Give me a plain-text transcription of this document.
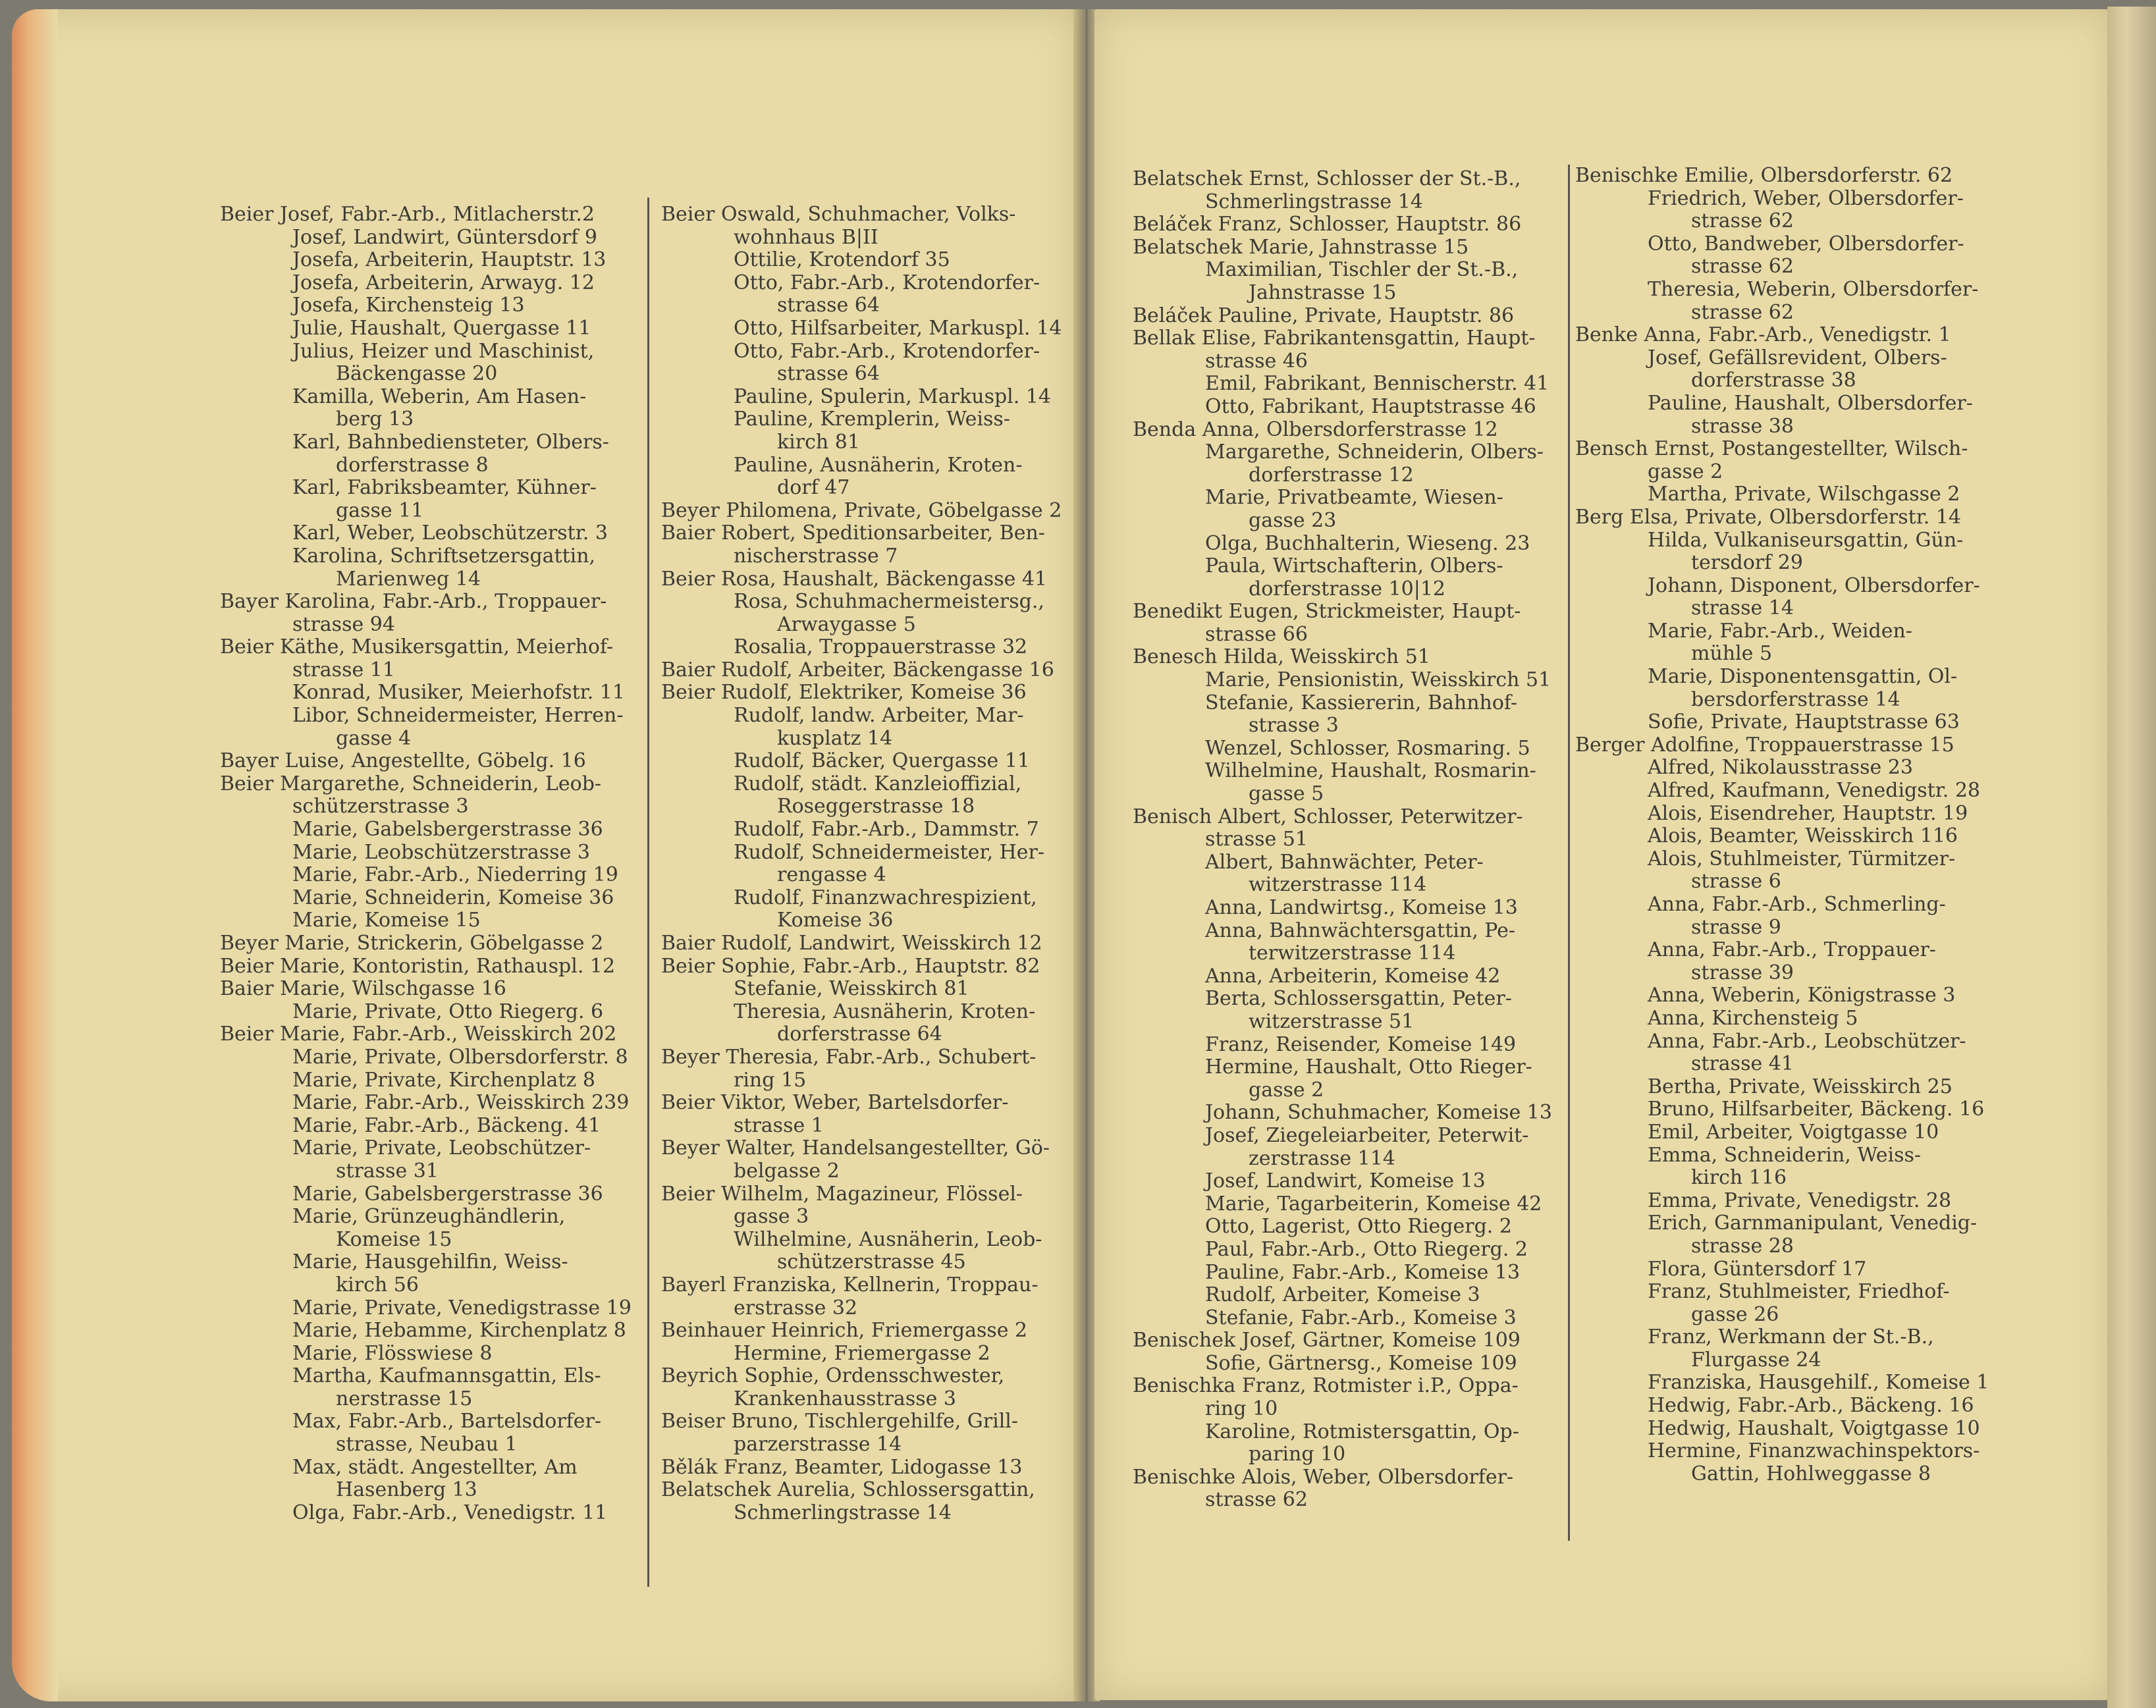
Beier Josef, Fabr.-Arb., Mitlacherstr.2
Josef, Landwirt, Güntersdorf 9
Josefa, Arbeiterin, Hauptstr. 13
Josefa, Arbeiterin, Arwayg. 12
Josefa, Kirchensteig 13
Julie, Haushalt, Quergasse 11
Julius, Heizer und Maschinist,
Bäckengasse 20
Kamilla, Weberin, Am Hasen-
berg 13
Karl, Bahnbediensteter, Olbers-
dorferstrasse 8
Karl, Fabriksbeamter, Kühner-
gasse 11
Karl, Weber, Leobschützerstr. 3
Karolina, Schriftsetzersgattin,
Marienweg 14
Bayer Karolina, Fabr.-Arb., Troppauer-
strasse 94
Beier Käthe, Musikersgattin, Meierhof-
strasse 11
Konrad, Musiker, Meierhofstr. 11
Libor, Schneidermeister, Herren-
gasse 4
Bayer Luise, Angestellte, Göbelg. 16
Beier Margarethe, Schneiderin, Leob-
schützerstrasse 3
Marie, Gabelsbergerstrasse 36
Marie, Leobschützerstrasse 3
Marie, Fabr.-Arb., Niederring 19
Marie, Schneiderin, Komeise 36
Marie, Komeise 15
Beyer Marie, Strickerin, Göbelgasse 2
Beier Marie, Kontoristin, Rathauspl. 12
Baier Marie, Wilschgasse 16
Marie, Private, Otto Riegerg. 6
Beier Marie, Fabr.-Arb., Weisskirch 202
Marie, Private, Olbersdorferstr. 8
Marie, Private, Kirchenplatz 8
Marie, Fabr.-Arb., Weisskirch 239
Marie, Fabr.-Arb., Bäckeng. 41
Marie, Private, Leobschützer-
strasse 31
Marie, Gabelsbergerstrasse 36
Marie, Grünzeughändlerin,
Komeise 15
Marie, Hausgehilfin, Weiss-
kirch 56
Marie, Private, Venedigstrasse 19
Marie, Hebamme, Kirchenplatz 8
Marie, Flösswiese 8
Martha, Kaufmannsgattin, Els-
nerstrasse 15
Max, Fabr.-Arb., Bartelsdorfer-
strasse, Neubau 1
Max, städt. Angestellter, Am
Hasenberg 13
Olga, Fabr.-Arb., Venedigstr. 11
Beier Oswald, Schuhmacher, Volks-
wohnhaus B|II
Ottilie, Krotendorf 35
Otto, Fabr.-Arb., Krotendorfer-
strasse 64
Otto, Hilfsarbeiter, Markuspl. 14
Otto, Fabr.-Arb., Krotendorfer-
strasse 64
Pauline, Spulerin, Markuspl. 14
Pauline, Kremplerin, Weiss-
kirch 81
Pauline, Ausnäherin, Kroten-
dorf 47
Beyer Philomena, Private, Göbelgasse 2
Baier Robert, Speditionsarbeiter, Ben-
nischerstrasse 7
Beier Rosa, Haushalt, Bäckengasse 41
Rosa, Schuhmachermeistersg.,
Arwaygasse 5
Rosalia, Troppauerstrasse 32
Baier Rudolf, Arbeiter, Bäckengasse 16
Beier Rudolf, Elektriker, Komeise 36
Rudolf, landw. Arbeiter, Mar-
kusplatz 14
Rudolf, Bäcker, Quergasse 11
Rudolf, städt. Kanzleioffizial,
Roseggerstrasse 18
Rudolf, Fabr.-Arb., Dammstr. 7
Rudolf, Schneidermeister, Her-
rengasse 4
Rudolf, Finanzwachrespizient,
Komeise 36
Baier Rudolf, Landwirt, Weisskirch 12
Beier Sophie, Fabr.-Arb., Hauptstr. 82
Stefanie, Weisskirch 81
Theresia, Ausnäherin, Kroten-
dorferstrasse 64
Beyer Theresia, Fabr.-Arb., Schubert-
ring 15
Beier Viktor, Weber, Bartelsdorfer-
strasse 1
Beyer Walter, Handelsangestellter, Gö-
belgasse 2
Beier Wilhelm, Magazineur, Flössel-
gasse 3
Wilhelmine, Ausnäherin, Leob-
schützerstrasse 45
Bayerl Franziska, Kellnerin, Troppau-
erstrasse 32
Beinhauer Heinrich, Friemergasse 2
Hermine, Friemergasse 2
Beyrich Sophie, Ordensschwester,
Krankenhausstrasse 3
Beiser Bruno, Tischlergehilfe, Grill-
parzerstrasse 14
Bělák Franz, Beamter, Lidogasse 13
Belatschek Aurelia, Schlossersgattin,
Schmerlingstrasse 14
Belatschek Ernst, Schlosser der St.-B.,
Schmerlingstrasse 14
Beláček Franz, Schlosser, Hauptstr. 86
Belatschek Marie, Jahnstrasse 15
Maximilian, Tischler der St.-B.,
Jahnstrasse 15
Beláček Pauline, Private, Hauptstr. 86
Bellak Elise, Fabrikantensgattin, Haupt-
strasse 46
Emil, Fabrikant, Bennischerstr. 41
Otto, Fabrikant, Hauptstrasse 46
Benda Anna, Olbersdorferstrasse 12
Margarethe, Schneiderin, Olbers-
dorferstrasse 12
Marie, Privatbeamte, Wiesen-
gasse 23
Olga, Buchhalterin, Wieseng. 23
Paula, Wirtschafterin, Olbers-
dorferstrasse 10|12
Benedikt Eugen, Strickmeister, Haupt-
strasse 66
Benesch Hilda, Weisskirch 51
Marie, Pensionistin, Weisskirch 51
Stefanie, Kassiererin, Bahnhof-
strasse 3
Wenzel, Schlosser, Rosmaring. 5
Wilhelmine, Haushalt, Rosmarin-
gasse 5
Benisch Albert, Schlosser, Peterwitzer-
strasse 51
Albert, Bahnwächter, Peter-
witzerstrasse 114
Anna, Landwirtsg., Komeise 13
Anna, Bahnwächtersgattin, Pe-
terwitzerstrasse 114
Anna, Arbeiterin, Komeise 42
Berta, Schlossersgattin, Peter-
witzerstrasse 51
Franz, Reisender, Komeise 149
Hermine, Haushalt, Otto Rieger-
gasse 2
Johann, Schuhmacher, Komeise 13
Josef, Ziegeleiarbeiter, Peterwit-
zerstrasse 114
Josef, Landwirt, Komeise 13
Marie, Tagarbeiterin, Komeise 42
Otto, Lagerist, Otto Riegerg. 2
Paul, Fabr.-Arb., Otto Riegerg. 2
Pauline, Fabr.-Arb., Komeise 13
Rudolf, Arbeiter, Komeise 3
Stefanie, Fabr.-Arb., Komeise 3
Benischek Josef, Gärtner, Komeise 109
Sofie, Gärtnersg., Komeise 109
Benischka Franz, Rotmister i.P., Oppa-
ring 10
Karoline, Rotmistersgattin, Op-
paring 10
Benischke Alois, Weber, Olbersdorfer-
strasse 62
Benischke Emilie, Olbersdorferstr. 62
Friedrich, Weber, Olbersdorfer-
strasse 62
Otto, Bandweber, Olbersdorfer-
strasse 62
Theresia, Weberin, Olbersdorfer-
strasse 62
Benke Anna, Fabr.-Arb., Venedigstr. 1
Josef, Gefällsrevident, Olbers-
dorferstrasse 38
Pauline, Haushalt, Olbersdorfer-
strasse 38
Bensch Ernst, Postangestellter, Wilsch-
gasse 2
Martha, Private, Wilschgasse 2
Berg Elsa, Private, Olbersdorferstr. 14
Hilda, Vulkaniseursgattin, Gün-
tersdorf 29
Johann, Disponent, Olbersdorfer-
strasse 14
Marie, Fabr.-Arb., Weiden-
mühle 5
Marie, Disponentensgattin, Ol-
bersdorferstrasse 14
Sofie, Private, Hauptstrasse 63
Berger Adolfine, Troppauerstrasse 15
Alfred, Nikolausstrasse 23
Alfred, Kaufmann, Venedigstr. 28
Alois, Eisendreher, Hauptstr. 19
Alois, Beamter, Weisskirch 116
Alois, Stuhlmeister, Türmitzer-
strasse 6
Anna, Fabr.-Arb., Schmerling-
strasse 9
Anna, Fabr.-Arb., Troppauer-
strasse 39
Anna, Weberin, Königstrasse 3
Anna, Kirchensteig 5
Anna, Fabr.-Arb., Leobschützer-
strasse 41
Bertha, Private, Weisskirch 25
Bruno, Hilfsarbeiter, Bäckeng. 16
Emil, Arbeiter, Voigtgasse 10
Emma, Schneiderin, Weiss-
kirch 116
Emma, Private, Venedigstr. 28
Erich, Garnmanipulant, Venedig-
strasse 28
Flora, Güntersdorf 17
Franz, Stuhlmeister, Friedhof-
gasse 26
Franz, Werkmann der St.-B.,
Flurgasse 24
Franziska, Hausgehilf., Komeise 1
Hedwig, Fabr.-Arb., Bäckeng. 16
Hedwig, Haushalt, Voigtgasse 10
Hermine, Finanzwachinspektors-
Gattin, Hohlweggasse 8
